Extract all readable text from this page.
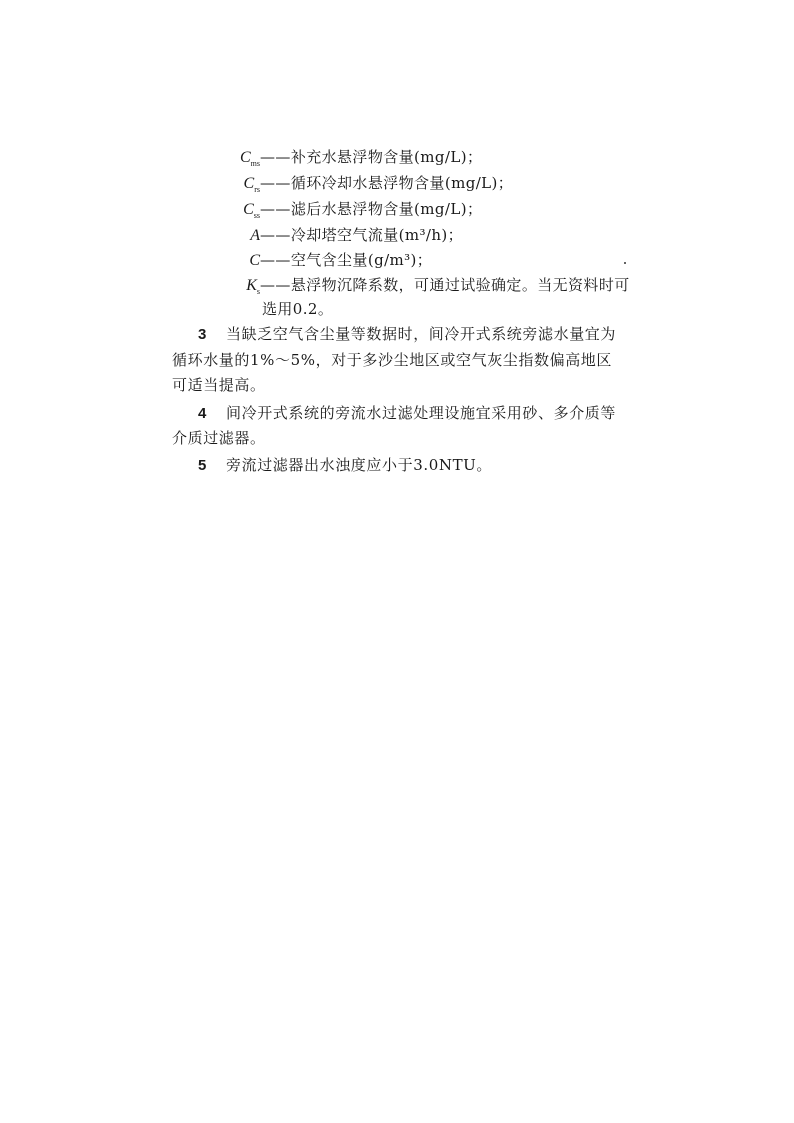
$C_{ms}——$补充水悬浮物含量(mg/L)；
$C_{rs}——$循环冷却水悬浮物含量(mg/L)；
$C_{ss}——$滤后水悬浮物含量(mg/L)；
A——冷却塔空气流量(m³/h)；
C——空气含尘量(g/m³)；
$K_s——$悬浮物沉降系数，可通过试验确定。当无资料时可
选用0.2。
3 当缺乏空气含尘量等数据时，间冷开式系统旁滤水量宜为
循环水量的1%～5%，对于多沙尘地区或空气灰尘指数偏高地区
可适当提高。
4 间冷开式系统的旁流水过滤处理设施宜采用砂、多介质等
介质过滤器。
5 旁流过滤器出水浊度应小于3.0NTU。
